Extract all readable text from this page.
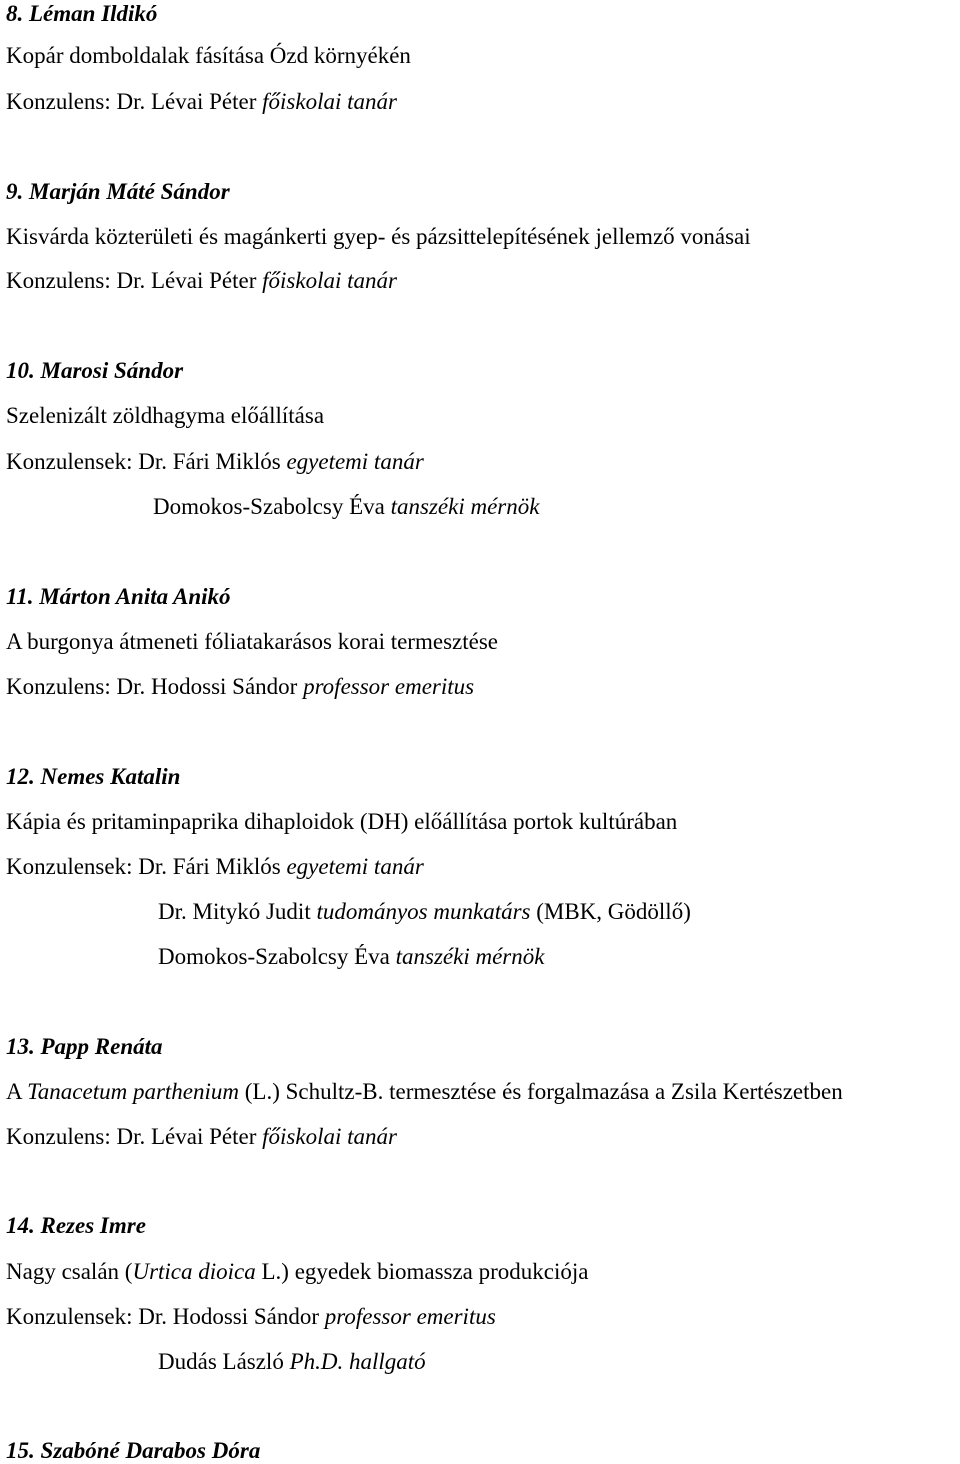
8. Léman Ildikó
Kopár domboldalak fásítása Ózd környékén
Konzulens: Dr. Lévai Péter főiskolai tanár
9. Marján Máté Sándor
Kisvárda közterületi és magánkerti gyep- és pázsittelepítésének jellemző vonásai
Konzulens: Dr. Lévai Péter főiskolai tanár
10. Marosi Sándor
Szelenizált zöldhagyma előállítása
Konzulensek: Dr. Fári Miklós egyetemi tanár
Domokos-Szabolcsy Éva tanszéki mérnök
11. Márton Anita Anikó
A burgonya átmeneti fóliatakarásos korai termesztése
Konzulens: Dr. Hodossi Sándor professor emeritus
12. Nemes Katalin
Kápia és pritaminpaprika dihaploidok (DH) előállítása portok kultúrában
Konzulensek: Dr. Fári Miklós egyetemi tanár
Dr. Mitykó Judit tudományos munkatárs (MBK, Gödöllő)
Domokos-Szabolcsy Éva tanszéki mérnök
13. Papp Renáta
A Tanacetum parthenium (L.) Schultz-B. termesztése és forgalmazása a Zsila Kertészetben
Konzulens: Dr. Lévai Péter főiskolai tanár
14. Rezes Imre
Nagy csalán (Urtica dioica L.) egyedek biomassza produkciója
Konzulensek: Dr. Hodossi Sándor professor emeritus
Dudás László Ph.D. hallgató
15. Szabóné Darabos Dóra
